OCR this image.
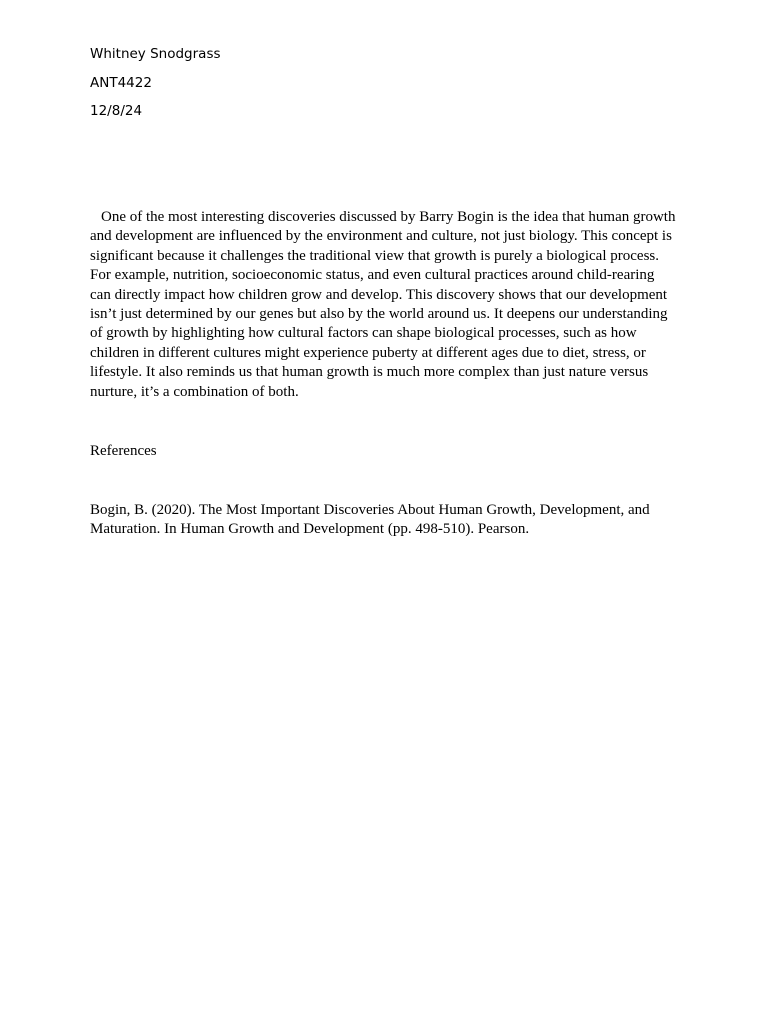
Whitney Snodgrass
ANT4422
12/8/24

One of the most interesting discoveries discussed by Barry Bogin is the idea that human growth and development are influenced by the environment and culture, not just biology. This concept is significant because it challenges the traditional view that growth is purely a biological process. For example, nutrition, socioeconomic status, and even cultural practices around child-rearing can directly impact how children grow and develop. This discovery shows that our development isn’t just determined by our genes but also by the world around us. It deepens our understanding of growth by highlighting how cultural factors can shape biological processes, such as how children in different cultures might experience puberty at different ages due to diet, stress, or lifestyle. It also reminds us that human growth is much more complex than just nature versus nurture, it’s a combination of both.

References

Bogin, B. (2020). The Most Important Discoveries About Human Growth, Development, and Maturation. In Human Growth and Development (pp. 498-510). Pearson.
